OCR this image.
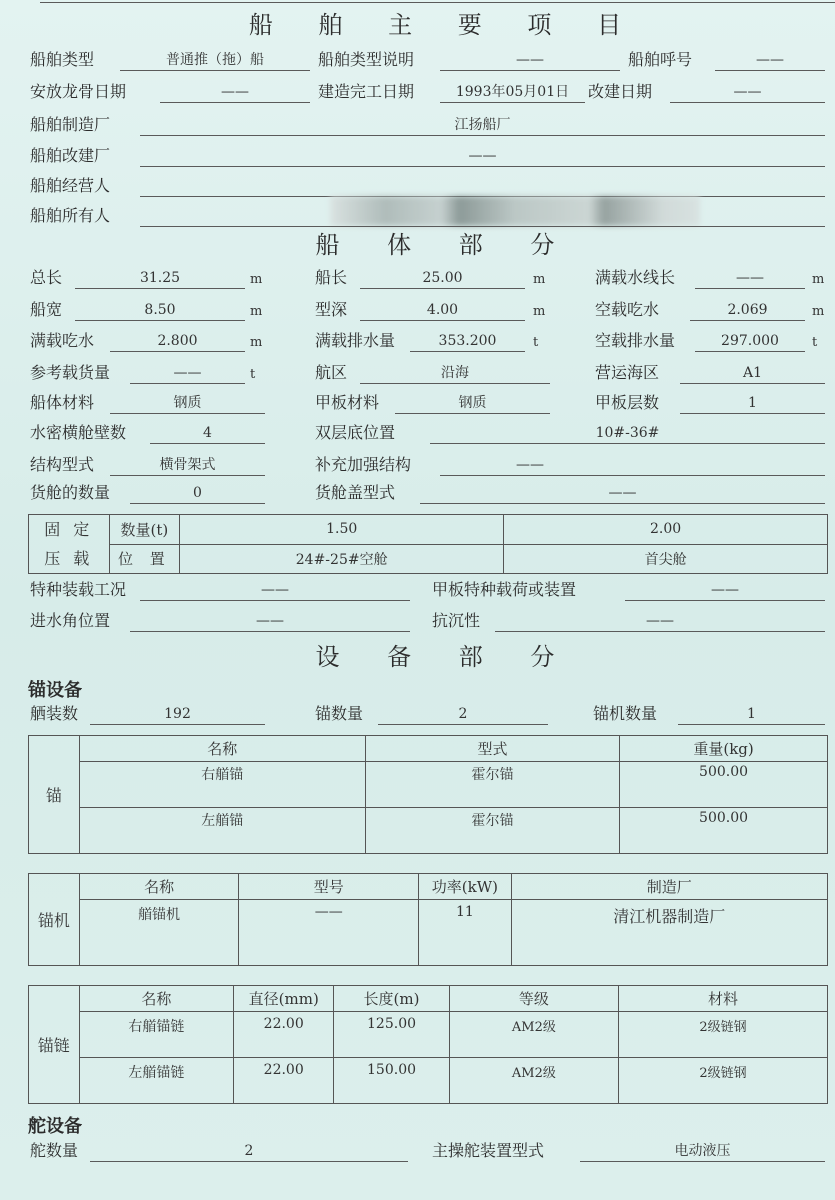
船 舶 主 要 项 目
船舶类型	普通推（拖）船	船舶类型说明	——	船舶呼号	——
安放龙骨日期	——	建造完工日期	1993年05月01日	改建日期	——
船舶制造厂	江扬船厂
船舶改建厂	——
船舶经营人
船舶所有人
船 体 部 分
总长	31.25	m	船长	25.00	m	满载水线长	——	m
船宽	8.50	m	型深	4.00	m	空载吃水	2.069	m
满载吃水	2.800	m	满载排水量	353.200	t	空载排水量	297.000	t
参考载货量	——	t	航区	沿海	营运海区	A1
船体材料	钢质	甲板材料	钢质	甲板层数	1
水密横舱壁数	4	双层底位置	10#-36#
结构型式	横骨架式	补充加强结构	——
货舱的数量	0	货舱盖型式	——
固 定
压 载	数量(t)	1.50	2.00
	位 置	24#-25#空舱	首尖舱
特种装载工况	——	甲板特种载荷或装置	——
进水角位置	——	抗沉性	——
设 备 部 分
锚设备
舾装数	192	锚数量	2	锚机数量	1
锚	名称	型式	重量(kg)
	右艏锚	霍尔锚	500.00
	左艏锚	霍尔锚	500.00
锚机	名称	型号	功率(kW)	制造厂
	艏锚机	——	11	清江机器制造厂
锚链	名称	直径(mm)	长度(m)	等级	材料
	右艏锚链	22.00	125.00	AM2级	2级链钢
	左艏锚链	22.00	150.00	AM2级	2级链钢
舵设备
舵数量	2	主操舵装置型式	电动液压
